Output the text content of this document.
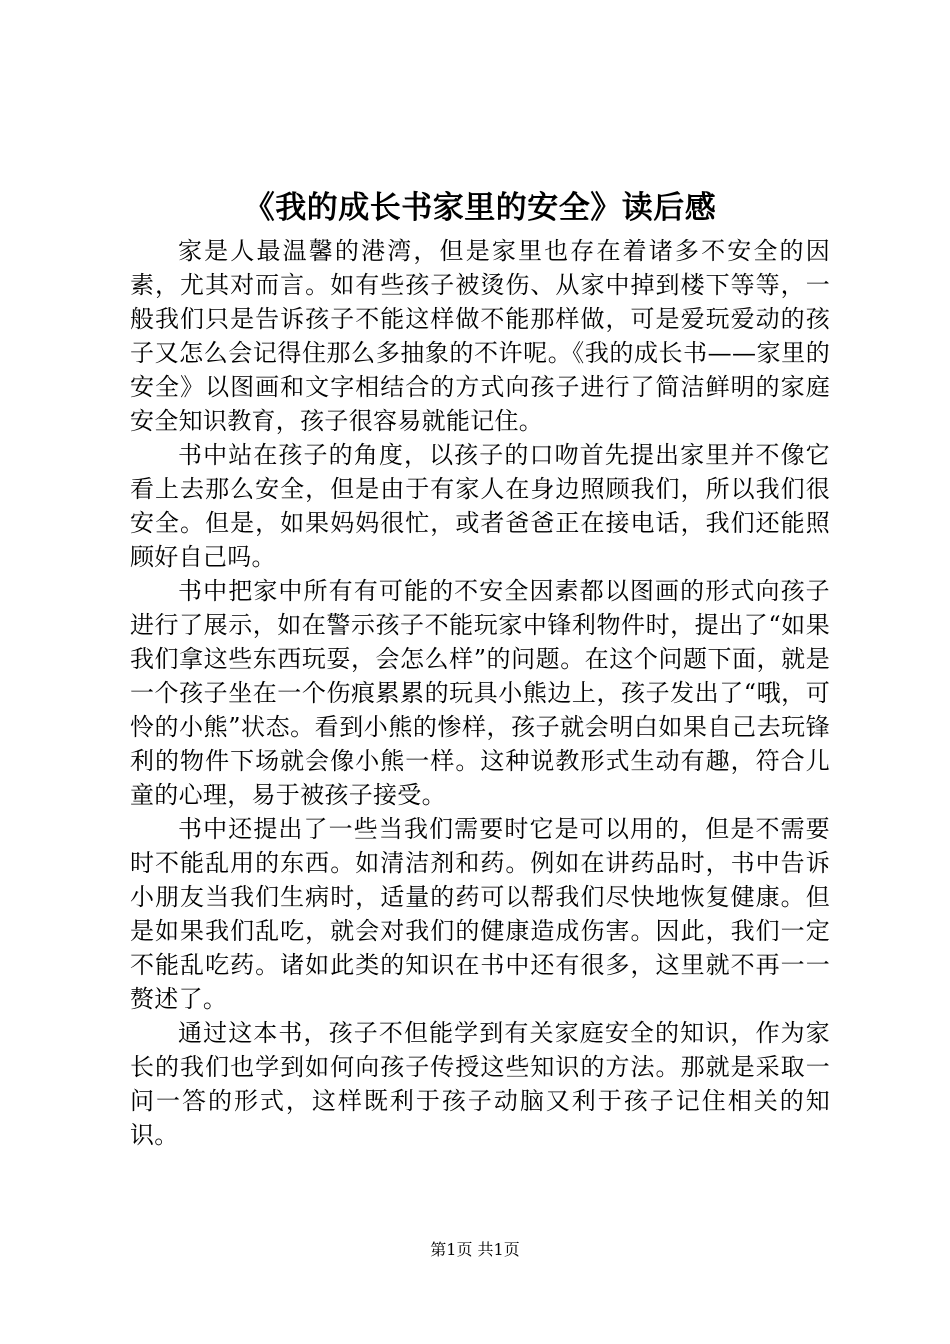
《我的成长书家里的安全》读后感

家是人最温馨的港湾，但是家里也存在着诸多不安全的因素，尤其对而言。如有些孩子被烫伤、从家中掉到楼下等等，一般我们只是告诉孩子不能这样做不能那样做，可是爱玩爱动的孩子又怎么会记得住那么多抽象的不许呢。《我的成长书——家里的安全》以图画和文字相结合的方式向孩子进行了简洁鲜明的家庭安全知识教育，孩子很容易就能记住。

书中站在孩子的角度，以孩子的口吻首先提出家里并不像它看上去那么安全，但是由于有家人在身边照顾我们，所以我们很安全。但是，如果妈妈很忙，或者爸爸正在接电话，我们还能照顾好自己吗。

书中把家中所有有可能的不安全因素都以图画的形式向孩子进行了展示，如在警示孩子不能玩家中锋利物件时，提出了“如果我们拿这些东西玩耍，会怎么样”的问题。在这个问题下面，就是一个孩子坐在一个伤痕累累的玩具小熊边上，孩子发出了“哦，可怜的小熊”状态。看到小熊的惨样，孩子就会明白如果自己去玩锋利的物件下场就会像小熊一样。这种说教形式生动有趣，符合儿童的心理，易于被孩子接受。

书中还提出了一些当我们需要时它是可以用的，但是不需要时不能乱用的东西。如清洁剂和药。例如在讲药品时，书中告诉小朋友当我们生病时，适量的药可以帮我们尽快地恢复健康。但是如果我们乱吃，就会对我们的健康造成伤害。因此，我们一定不能乱吃药。诸如此类的知识在书中还有很多，这里就不再一一赘述了。

通过这本书，孩子不但能学到有关家庭安全的知识，作为家长的我们也学到如何向孩子传授这些知识的方法。那就是采取一问一答的形式，这样既利于孩子动脑又利于孩子记住相关的知识。

第1页 共1页
